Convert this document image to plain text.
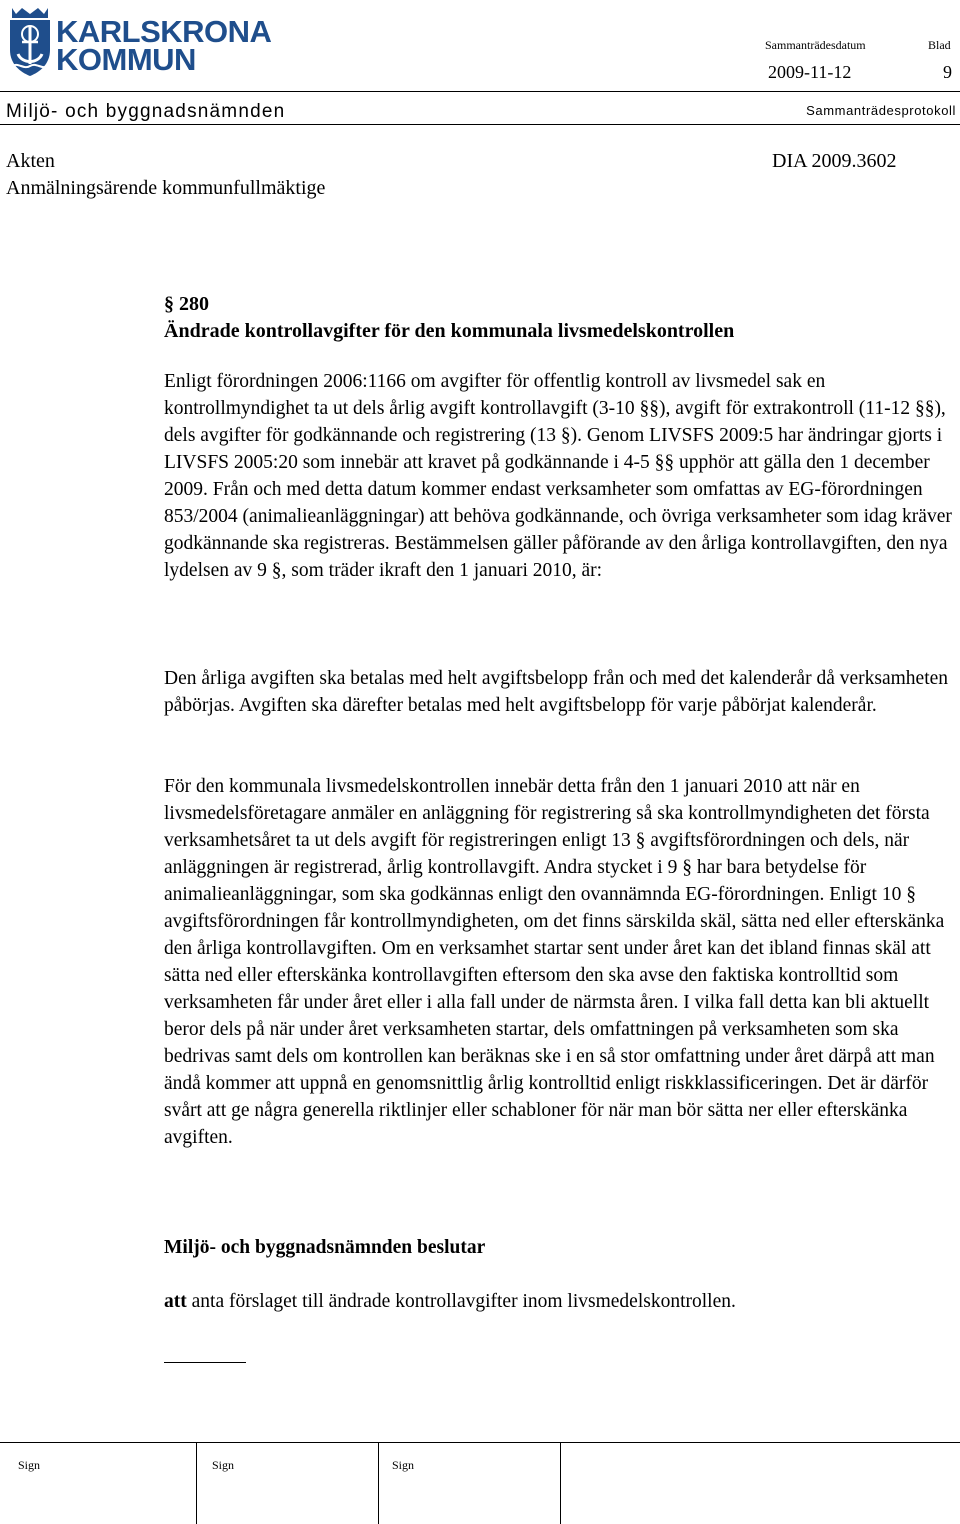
KARLSKRONA
KOMMUN	Sammanträdesdatum	Blad
2009-11-12	9
Miljö- och byggnadsnämnden	Sammanträdesprotokoll
Akten	DIA 2009.3602
Anmälningsärende kommunfullmäktige
§ 280
Ändrade kontrollavgifter för den kommunala livsmedelskontrollen

Enligt förordningen 2006:1166 om avgifter för offentlig kontroll av livsmedel sak en kontrollmyndighet ta ut dels årlig avgift kontrollavgift (3-10 §§), avgift för extrakontroll (11-12 §§), dels avgifter för godkännande och registrering (13 §). Genom LIVSFS 2009:5 har ändringar gjorts i LIVSFS 2005:20 som innebär att kravet på godkännande i 4-5 §§ upphör att gälla den 1 december 2009. Från och med detta datum kommer endast verksamheter som omfattas av EG-förordningen 853/2004 (animalieanläggningar) att behöva godkännande, och övriga verksamheter som idag kräver godkännande ska registreras. Bestämmelsen gäller påförande av den årliga kontrollavgiften, den nya lydelsen av 9 §, som träder ikraft den 1 januari 2010, är:

Den årliga avgiften ska betalas med helt avgiftsbelopp från och med det kalenderår då verksamheten påbörjas. Avgiften ska därefter betalas med helt avgiftsbelopp för varje påbörjat kalenderår.

För den kommunala livsmedelskontrollen innebär detta från den 1 januari 2010 att när en livsmedelsföretagare anmäler en anläggning för registrering så ska kontrollmyndigheten det första verksamhetsåret ta ut dels avgift för registreringen enligt 13 § avgiftsförordningen och dels, när anläggningen är registrerad, årlig kontrollavgift. Andra stycket i 9 § har bara betydelse för animalieanläggningar, som ska godkännas enligt den ovannämnda EG-förordningen. Enligt 10 § avgiftsförordningen får kontrollmyndigheten, om det finns särskilda skäl, sätta ned eller efterskänka den årliga kontrollavgiften. Om en verksamhet startar sent under året kan det ibland finnas skäl att sätta ned eller efterskänka kontrollavgiften eftersom den ska avse den faktiska kontrolltid som verksamheten får under året eller i alla fall under de närmsta åren. I vilka fall detta kan bli aktuellt beror dels på när under året verksamheten startar, dels omfattningen på verksamheten som ska bedrivas samt dels om kontrollen kan beräknas ske i en så stor omfattning under året därpå att man ändå kommer att uppnå en genomsnittlig årlig kontrolltid enligt riskklassificeringen. Det är därför svårt att ge några generella riktlinjer eller schabloner för när man bör sätta ner eller efterskänka avgiften.

Miljö- och byggnadsnämnden beslutar
att anta förslaget till ändrade kontrollavgifter inom livsmedelskontrollen.
Sign	Sign	Sign
